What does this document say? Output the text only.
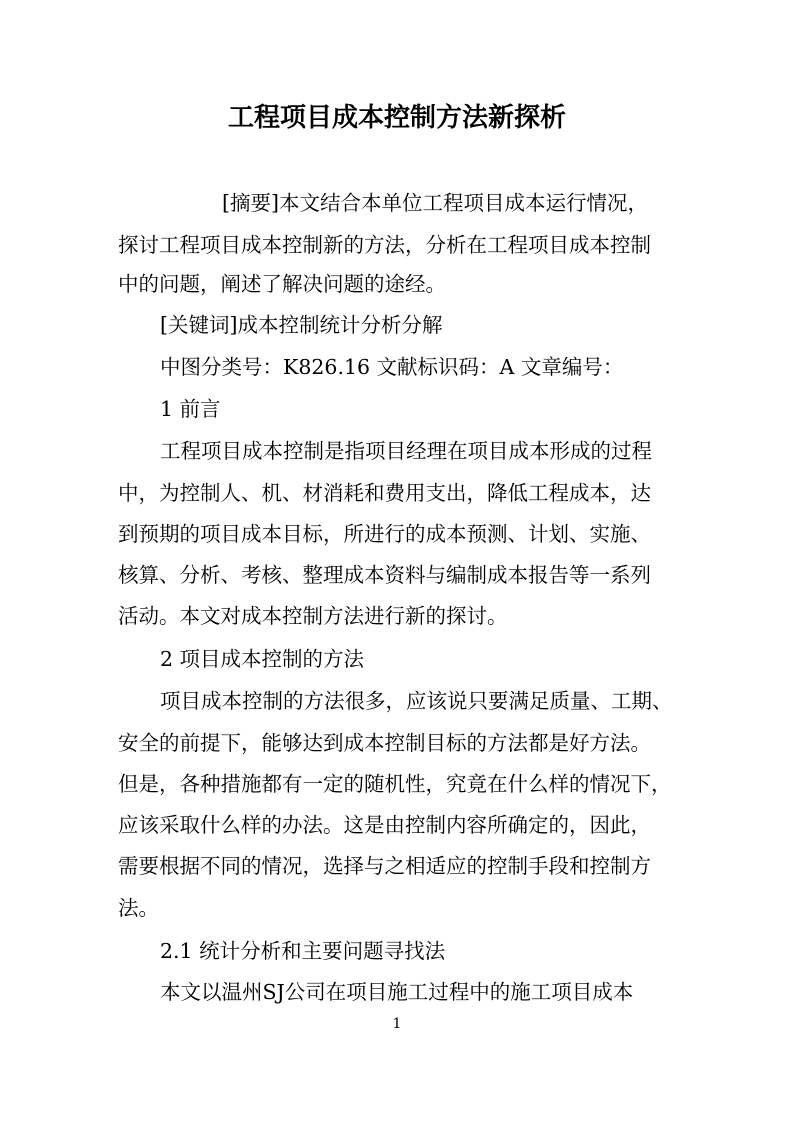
工程项目成本控制方法新探析

[摘要]本文结合本单位工程项目成本运行情况，

探讨工程项目成本控制新的方法，分析在工程项目成本控制

中的问题，阐述了解决问题的途经。

[关键词]成本控制统计分析分解

中图分类号：K826.16 文献标识码：A 文章编号：

1 前言

工程项目成本控制是指项目经理在项目成本形成的过程

中，为控制人、机、材消耗和费用支出，降低工程成本，达

到预期的项目成本目标，所进行的成本预测、计划、实施、

核算、分析、考核、整理成本资料与编制成本报告等一系列

活动。本文对成本控制方法进行新的探讨。

2 项目成本控制的方法

项目成本控制的方法很多，应该说只要满足质量、工期、

安全的前提下，能够达到成本控制目标的方法都是好方法。

但是，各种措施都有一定的随机性，究竟在什么样的情况下，

应该采取什么样的办法。这是由控制内容所确定的，因此，

需要根据不同的情况，选择与之相适应的控制手段和控制方

法。

2.1 统计分析和主要问题寻找法

本文以温州SJ公司在项目施工过程中的施工项目成本

1
